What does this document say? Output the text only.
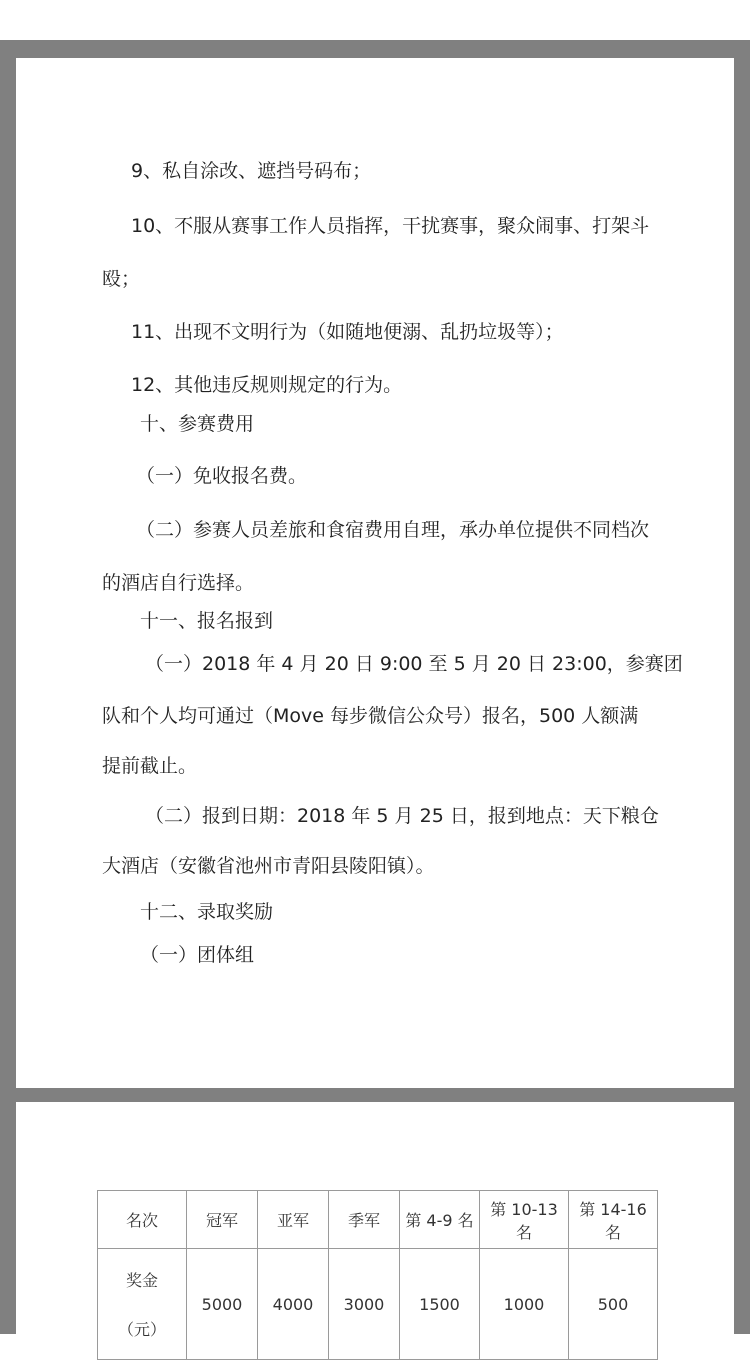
9、私自涂改、遮挡号码布；
10、不服从赛事工作人员指挥，干扰赛事，聚众闹事、打架斗
殴；
11、出现不文明行为（如随地便溺、乱扔垃圾等）；
12、其他违反规则规定的行为。
十、参赛费用
（一）免收报名费。
（二）参赛人员差旅和食宿费用自理，承办单位提供不同档次
的酒店自行选择。
十一、报名报到
（一）2018 年 4 月 20 日 9:00 至 5 月 20 日 23:00，参赛团
队和个人均可通过（Move 每步微信公众号）报名，500 人额满
提前截止。
（二）报到日期：2018 年 5 月 25 日，报到地点：天下粮仓
大酒店（安徽省池州市青阳县陵阳镇）。
十二、录取奖励
（一）团体组
名次	冠军	亚军	季军	第 4-9 名	第 10-13 名	第 14-16 名

奖金
（元）	5000	4000	3000	1500	1000	500
